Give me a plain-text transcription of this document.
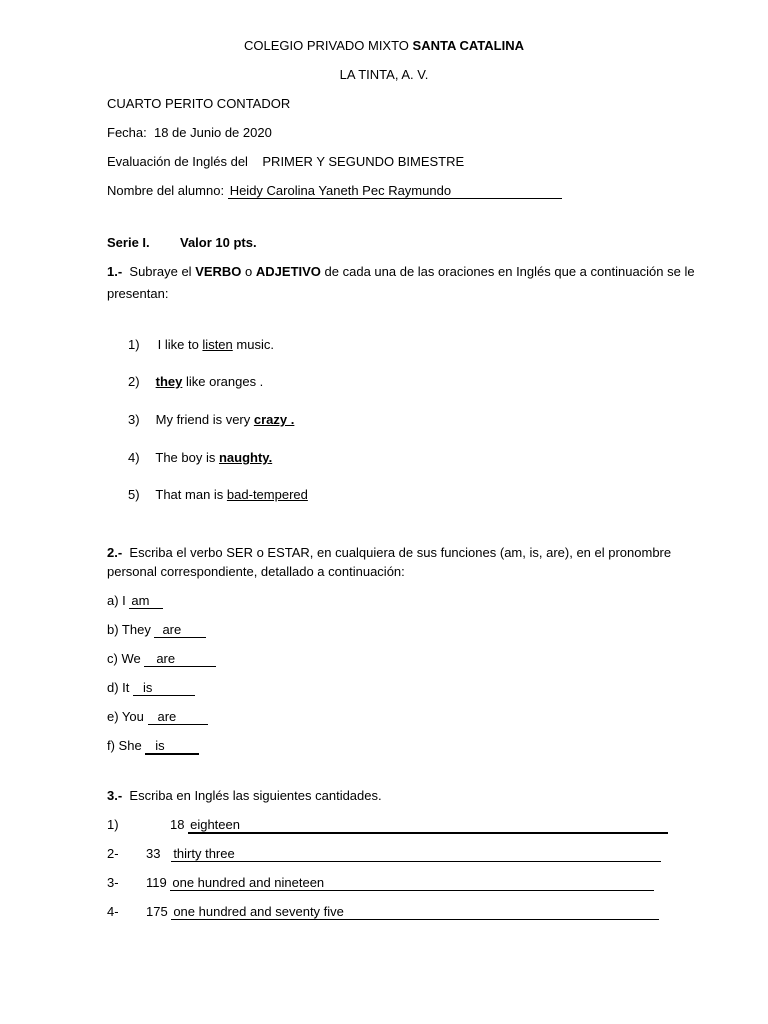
COLEGIO PRIVADO MIXTO SANTA CATALINA
LA TINTA, A. V.
CUARTO PERITO CONTADOR
Fecha: 18 de Junio de 2020
Evaluación de Inglés del PRIMER Y SEGUNDO BIMESTRE
Nombre del alumno: Heidy Carolina Yaneth Pec Raymundo
Serie I. Valor 10 pts.
1.- Subraye el VERBO o ADJETIVO de cada una de las oraciones en Inglés que a continuación se le
presentan:
1) I like to listen music.
2) they like oranges .
3) My friend is very crazy .
4) The boy is naughty.
5) That man is bad-tempered
2.- Escriba el verbo SER o ESTAR, en cualquiera de sus funciones (am, is, are), en el pronombre
personal correspondiente, detallado a continuación:
a) I am
b) They are
c) We are
d) It is
e) You are
f) She is
3.- Escriba en Inglés las siguientes cantidades.
1)	18 eighteen
2- 33 thirty three
3- 119 one hundred and nineteen
4- 175 one hundred and seventy five
